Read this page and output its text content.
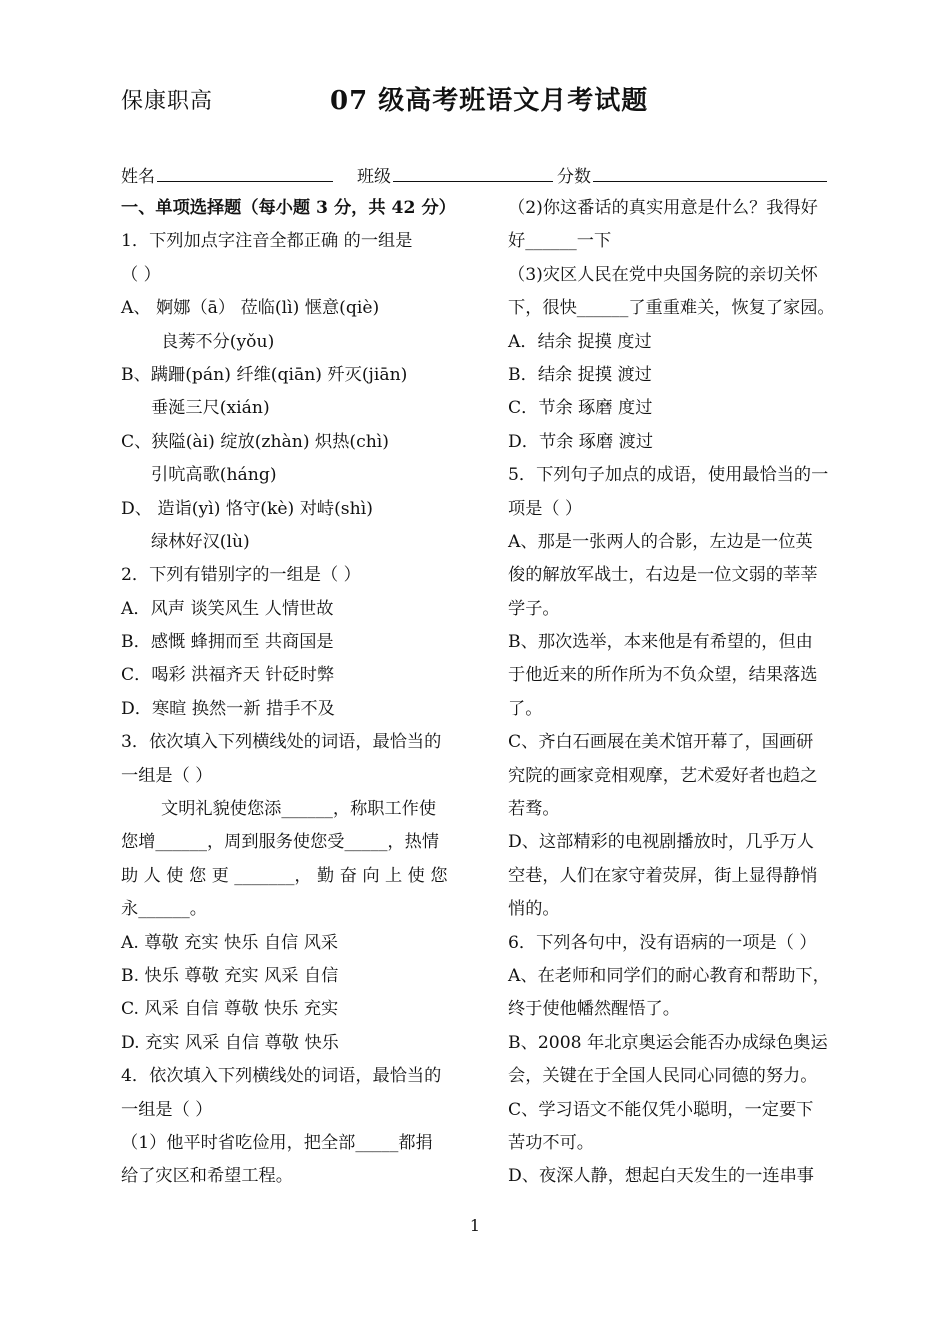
保康职高	07 级高考班语文月考试题
姓名	班级	分数
一、单项选择题（每小题 3 分，共 42 分）
1．下列加点字注音全都正确 的一组是
（ ）
A、 婀娜（ā） 莅临(lì) 惬意(qiè)
良莠不分(yǒu)
B、蹒跚(pán) 纤维(qiān) 歼灭(jiān)
垂涎三尺(xián)
C、狭隘(ài) 绽放(zhàn) 炽热(chì)
引吭高歌(háng)
D、 造诣(yì) 恪守(kè) 对峙(shì)
绿林好汉(lù)
2．下列有错别字的一组是（ ）
A．风声 谈笑风生 人情世故
B．感慨 蜂拥而至 共商国是
C．喝彩 洪福齐天 针砭时弊
D．寒暄 换然一新 措手不及
3．依次填入下列横线处的词语，最恰当的
一组是（ ）
文明礼貌使您添______，称职工作使
您增______，周到服务使您受_____，热情
助 人 使 您 更 _______， 勤 奋 向 上 使 您
永______。
A. 尊敬 充实 快乐 自信 风采
B. 快乐 尊敬 充实 风采 自信
C. 风采 自信 尊敬 快乐 充实
D. 充实 风采 自信 尊敬 快乐
4．依次填入下列横线处的词语，最恰当的
一组是（ ）
（1）他平时省吃俭用，把全部_____都捐
给了灾区和希望工程。
（2)你这番话的真实用意是什么？我得好
好______一下
（3)灾区人民在党中央国务院的亲切关怀
下，很快______了重重难关，恢复了家园。
A．结余 捉摸 度过
B．结余 捉摸 渡过
C．节余 琢磨 度过
D．节余 琢磨 渡过
5．下列句子加点的成语，使用最恰当的一
项是（ ）
A、那是一张两人的合影，左边是一位英
俊的解放军战士，右边是一位文弱的莘莘
学子。
B、那次选举，本来他是有希望的，但由
于他近来的所作所为不负众望，结果落选
了。
C、齐白石画展在美术馆开幕了，国画研
究院的画家竞相观摩，艺术爱好者也趋之
若骛。
D、这部精彩的电视剧播放时，几乎万人
空巷，人们在家守着荧屏，街上显得静悄
悄的。
6．下列各句中，没有语病的一项是（ ）
A、在老师和同学们的耐心教育和帮助下，
终于使他幡然醒悟了。
B、2008 年北京奥运会能否办成绿色奥运
会，关键在于全国人民同心同德的努力。
C、学习语文不能仅凭小聪明，一定要下
苦功不可。
D、夜深人静，想起白天发生的一连串事
1
